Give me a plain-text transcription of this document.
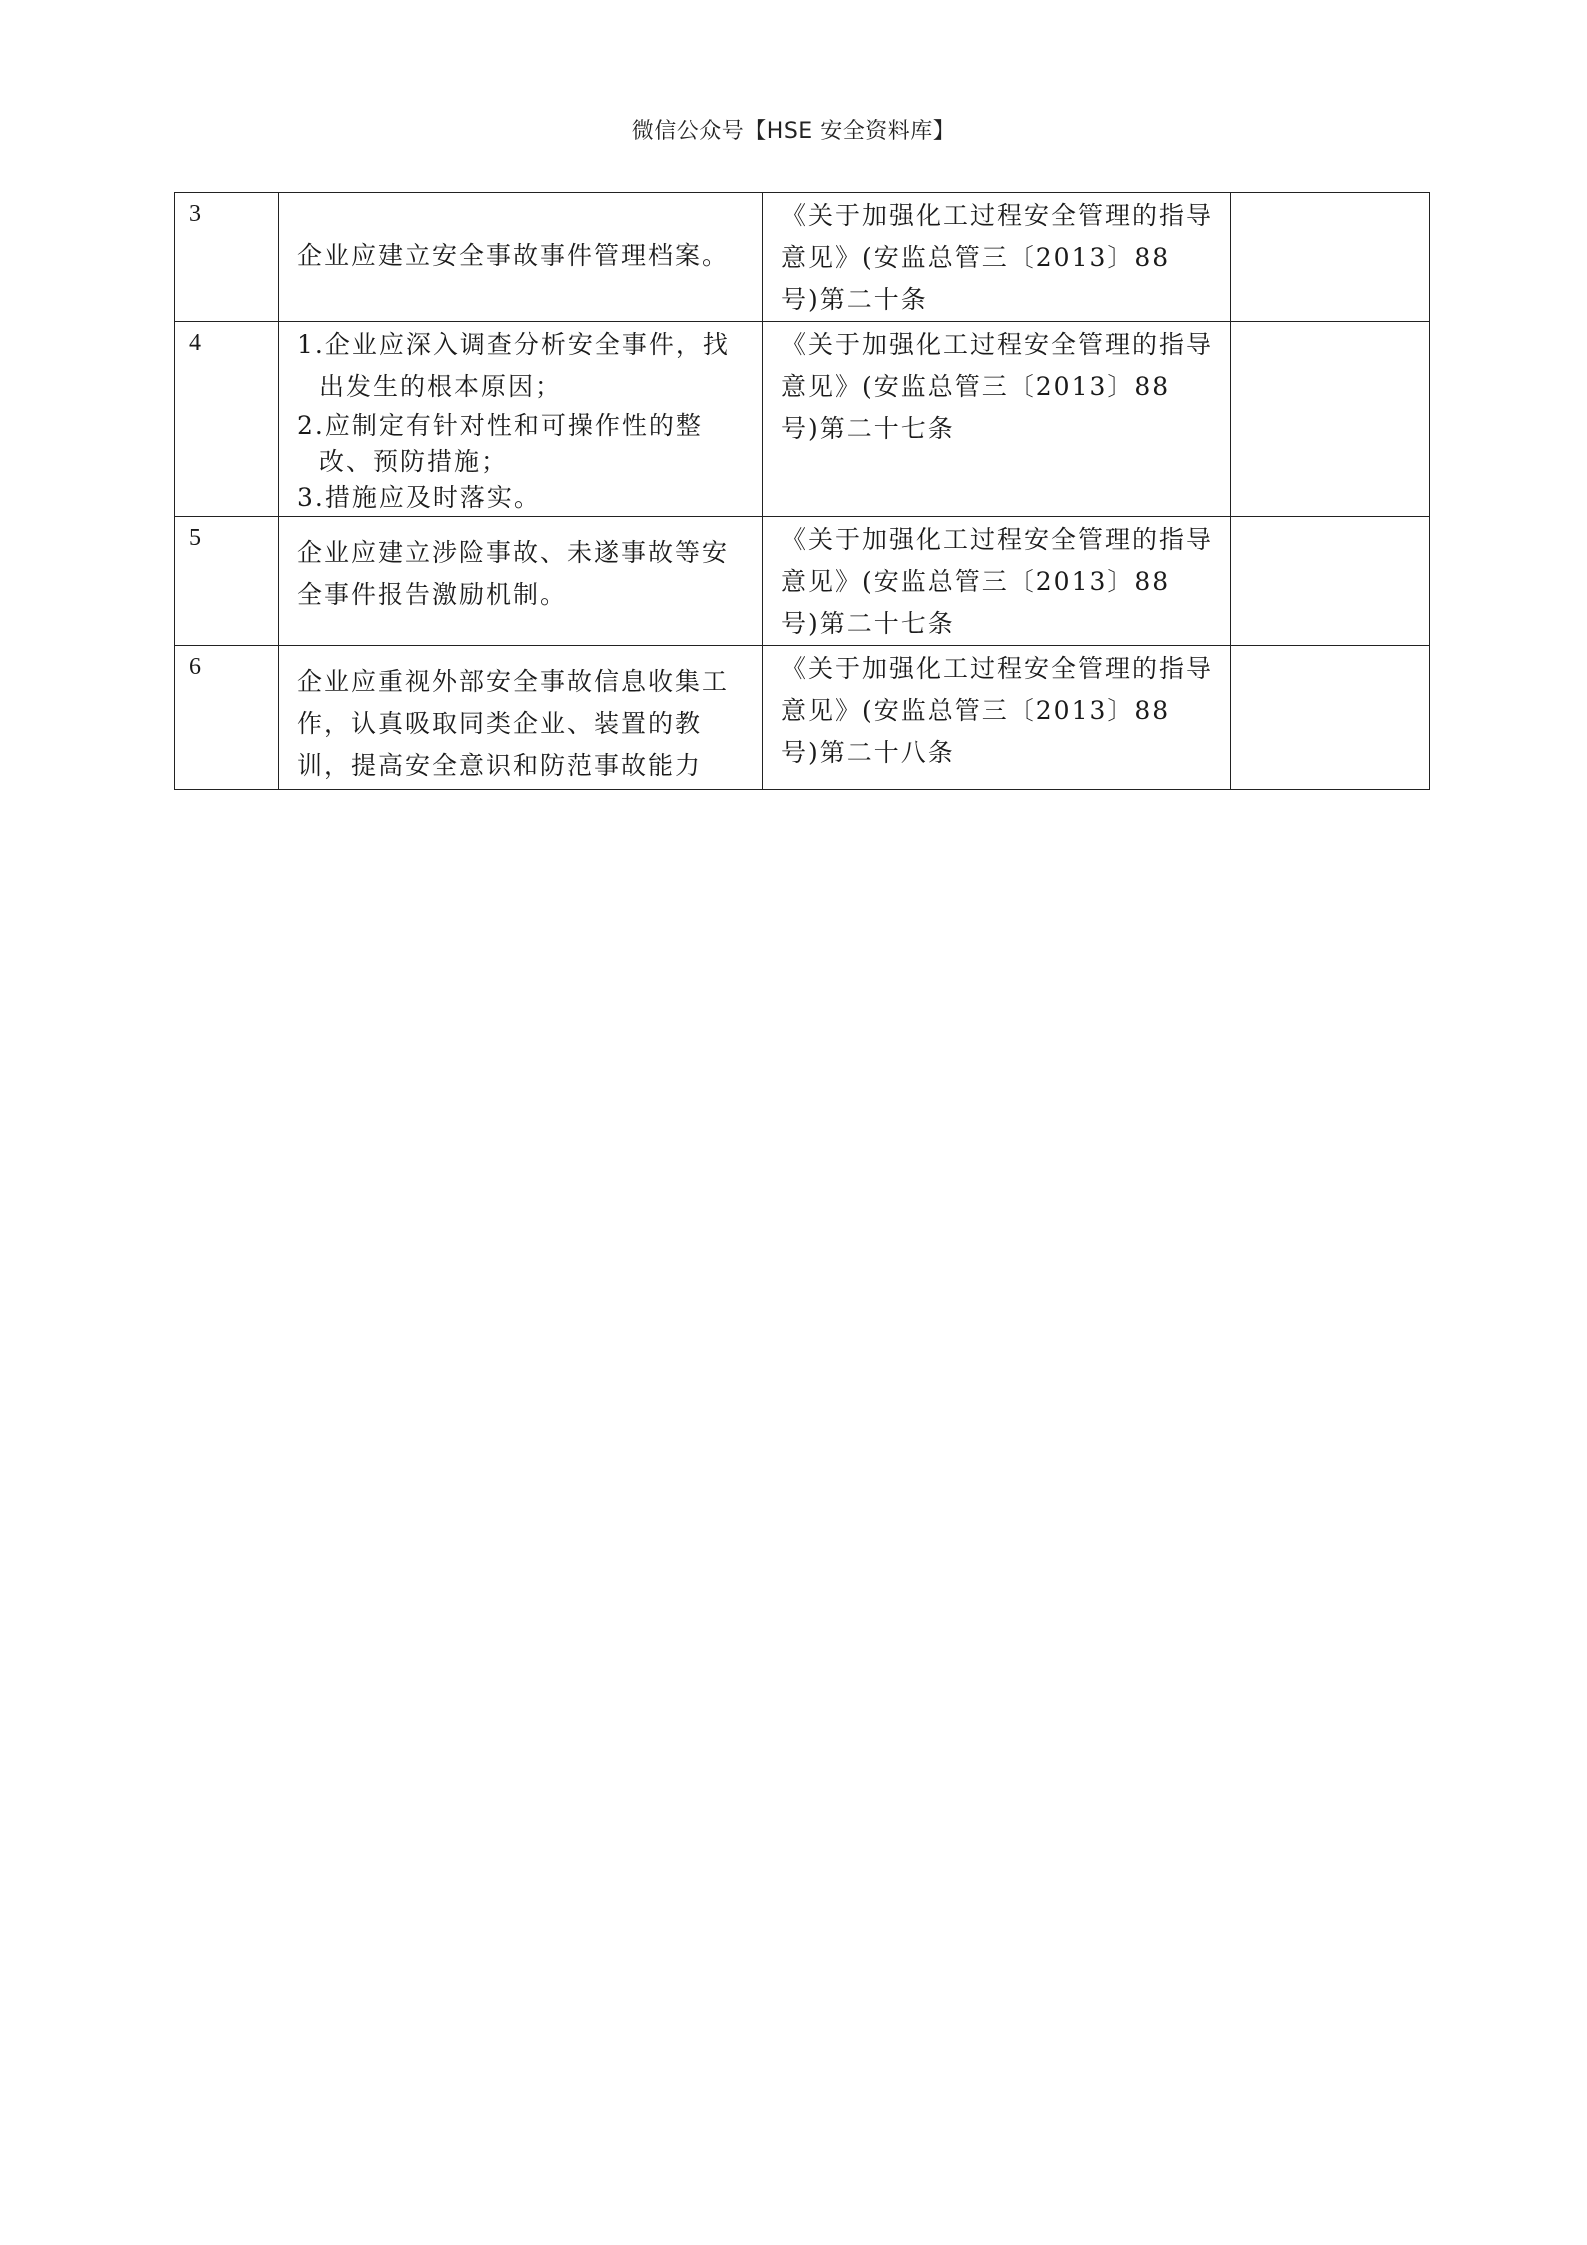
微信公众号【HSE 安全资料库】
3	企业应建立安全事故事件管理档案。	《关于加强化工过程安全管理的指导意见》(安监总管三〔2013〕88 号)第二十条	

4	1.企业应深入调查分析安全事件，找出发生的根本原因；
2.应制定有针对性和可操作性的整改、预防措施；
3.措施应及时落实。	《关于加强化工过程安全管理的指导意见》(安监总管三〔2013〕88 号)第二十七条	

5	企业应建立涉险事故、未遂事故等安全事件报告激励机制。	《关于加强化工过程安全管理的指导意见》(安监总管三〔2013〕88 号)第二十七条	

6	企业应重视外部安全事故信息收集工作，认真吸取同类企业、装置的教训，提高安全意识和防范事故能力	《关于加强化工过程安全管理的指导意见》(安监总管三〔2013〕88 号)第二十八条	
